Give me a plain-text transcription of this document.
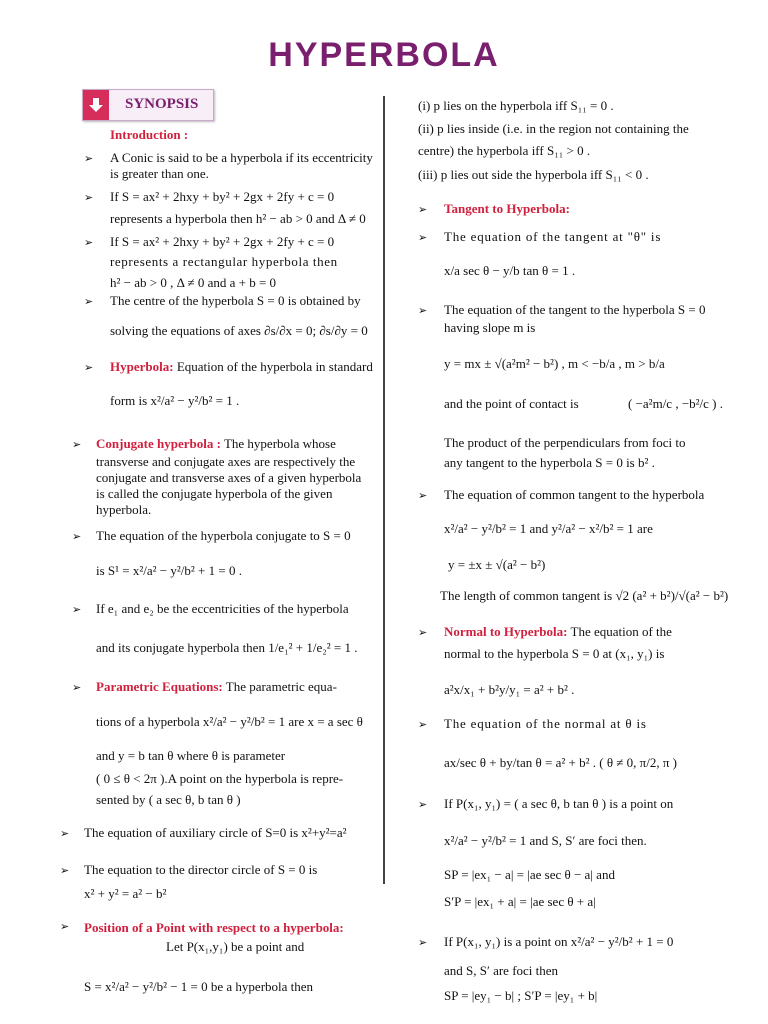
HYPERBOLA
SYNOPSIS
Introduction :
➢ A Conic is said to be a hyperbola if its eccentricity is greater than one.
➢ If S = ax² + 2hxy + by² + 2gx + 2fy + c = 0
represents a hyperbola then h² − ab > 0 and Δ ≠ 0
➢ If S = ax² + 2hxy + by² + 2gx + 2fy + c = 0
represents a rectangular hyperbola then
h² − ab > 0 , Δ ≠ 0 and a + b = 0
➢ The centre of the hyperbola S = 0 is obtained by
solving the equations of axes ∂s/∂x = 0; ∂s/∂y = 0
➢ Hyperbola: Equation of the hyperbola in standard
form is x²/a² − y²/b² = 1 .
➢ Conjugate hyperbola : The hyperbola whose
transverse and conjugate axes are respectively the conjugate and transverse axes of a given hyperbola is called the conjugate hyperbola of the given hyperbola.
➢ The equation of the hyperbola conjugate to S = 0
is S¹ = x²/a² − y²/b² + 1 = 0 .
➢ If e₁ and e₂ be the eccentricities of the hyperbola
and its conjugate hyperbola then 1/e₁² + 1/e₂² = 1 .
➢ Parametric Equations: The parametric equa-
tions of a hyperbola x²/a² − y²/b² = 1 are x = a sec θ
and y = b tan θ where θ is parameter
( 0 ≤ θ < 2π ).A point on the hyperbola is repre-
sented by ( a sec θ, b tan θ )
➢ The equation of auxiliary circle of S=0 is x²+y²=a²
➢ The equation to the director circle of S = 0 is
x² + y² = a² − b²
➢ Position of a Point with respect to a hyperbola:
Let P(x₁,y₁) be a point and
S = x²/a² − y²/b² − 1 = 0 be a hyperbola then
(i) p lies on the hyperbola iff S₁₁ = 0 .
(ii) p lies inside (i.e. in the region not containing the
centre) the hyperbola iff S₁₁ > 0 .
(iii) p lies out side the hyperbola iff S₁₁ < 0 .
➢ Tangent to Hyperbola:
➢ The equation of the tangent at "θ" is
x/a sec θ − y/b tan θ = 1 .
➢ The equation of the tangent to the hyperbola S = 0
having slope m is
y = mx ± √(a²m² − b²) , m < −b/a , m > b/a
and the point of contact is	( −a²m/c , −b²/c ) .
The product of the perpendiculars from foci to
any tangent to the hyperbola S = 0 is b² .
➢ The equation of common tangent to the hyperbola
x²/a² − y²/b² = 1 and y²/a² − x²/b² = 1 are
y = ±x ± √(a² − b²)
The length of common tangent is √2 (a² + b²)/√(a² − b²)
➢ Normal to Hyperbola: The equation of the
normal to the hyperbola S = 0 at (x₁, y₁) is
a²x/x₁ + b²y/y₁ = a² + b² .
➢ The equation of the normal at θ is
ax/sec θ + by/tan θ = a² + b² . ( θ ≠ 0, π/2, π )
➢ If P(x₁, y₁) = ( a sec θ, b tan θ ) is a point on
x²/a² − y²/b² = 1 and S, S′ are foci then.
SP = |ex₁ − a| = |ae sec θ − a| and
S′P = |ex₁ + a| = |ae sec θ + a|
➢ If P(x₁, y₁) is a point on x²/a² − y²/b² + 1 = 0
and S, S′ are foci then
SP = |ey₁ − b| ; S′P = |ey₁ + b|
